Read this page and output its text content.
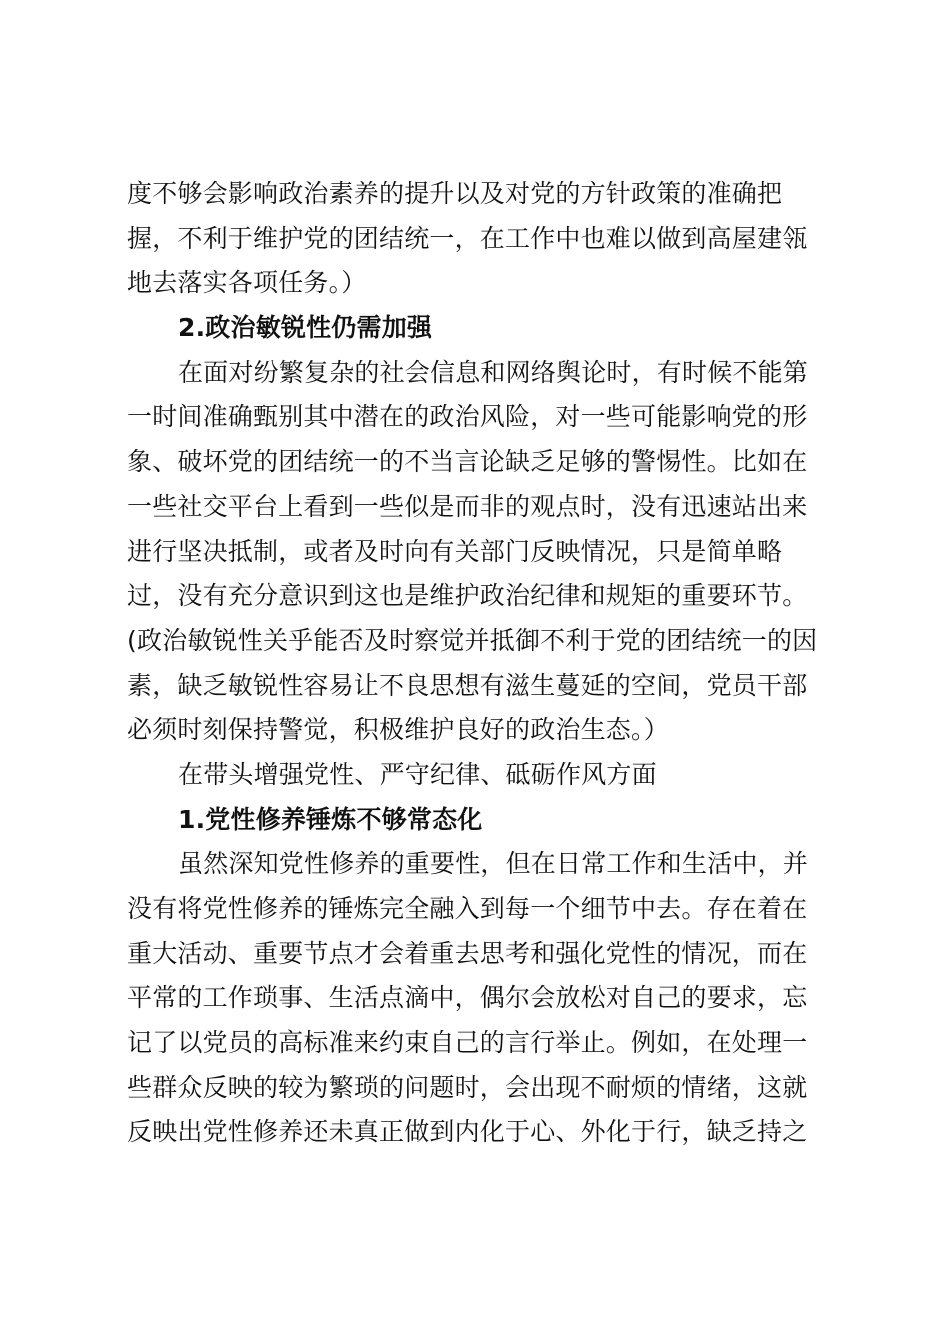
度不够会影响政治素养的提升以及对党的方针政策的准确把
握，不利于维护党的团结统一，在工作中也难以做到高屋建瓴
地去落实各项任务。）
2.政治敏锐性仍需加强
在面对纷繁复杂的社会信息和网络舆论时，有时候不能第
一时间准确甄别其中潜在的政治风险，对一些可能影响党的形
象、破坏党的团结统一的不当言论缺乏足够的警惕性。比如在
一些社交平台上看到一些似是而非的观点时，没有迅速站出来
进行坚决抵制，或者及时向有关部门反映情况，只是简单略
过，没有充分意识到这也是维护政治纪律和规矩的重要环节。
(政治敏锐性关乎能否及时察觉并抵御不利于党的团结统一的因
素，缺乏敏锐性容易让不良思想有滋生蔓延的空间，党员干部
必须时刻保持警觉，积极维护良好的政治生态。）
在带头增强党性、严守纪律、砥砺作风方面
1.党性修养锤炼不够常态化
虽然深知党性修养的重要性，但在日常工作和生活中，并
没有将党性修养的锤炼完全融入到每一个细节中去。存在着在
重大活动、重要节点才会着重去思考和强化党性的情况，而在
平常的工作琐事、生活点滴中，偶尔会放松对自己的要求，忘
记了以党员的高标准来约束自己的言行举止。例如，在处理一
些群众反映的较为繁琐的问题时，会出现不耐烦的情绪，这就
反映出党性修养还未真正做到内化于心、外化于行，缺乏持之
